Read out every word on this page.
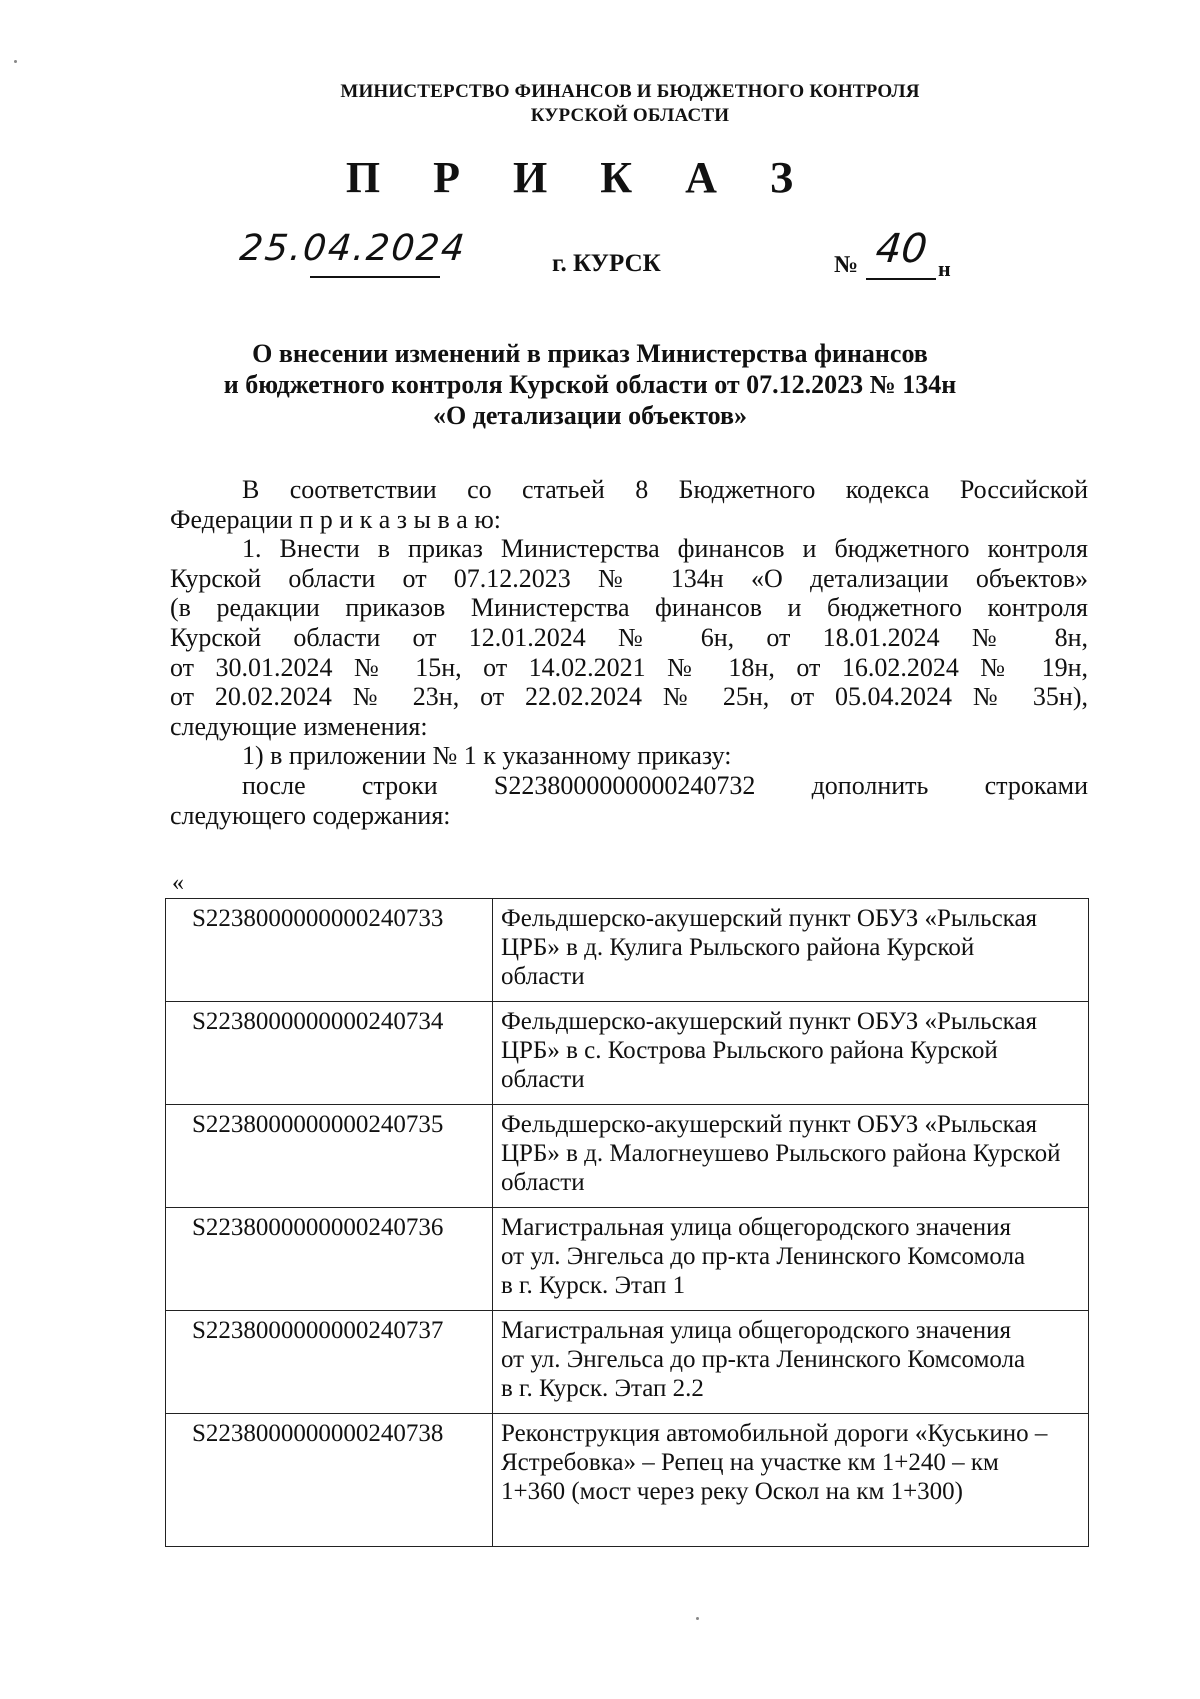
МИНИСТЕРСТВО ФИНАНСОВ И БЮДЖЕТНОГО КОНТРОЛЯ
КУРСКОЙ ОБЛАСТИ
П Р И К А З
25.04.2024	г. КУРСК	№ 40 н
О внесении изменений в приказ Министерства финансов
и бюджетного контроля Курской области от 07.12.2023 № 134н
«О детализации объектов»

В соответствии со статьей 8 Бюджетного кодекса Российской

Федерации п р и к а з ы в а ю:

1. Внести в приказ Министерства финансов и бюджетного контроля

Курской области от 07.12.2023 № 134н «О детализации объектов»

(в редакции приказов Министерства финансов и бюджетного контроля

Курской области от 12.01.2024 № 6н, от 18.01.2024 № 8н,

от 30.01.2024 № 15н, от 14.02.2021 № 18н, от 16.02.2024 № 19н,

от 20.02.2024 № 23н, от 22.02.2024 № 25н, от 05.04.2024 № 35н),

следующие изменения:

1) в приложении № 1 к указанному приказу:

после строки S2238000000000240732 дополнить строками

следующего содержания:

«
S2238000000000240733	Фельдшерско-акушерский пункт ОБУЗ «Рыльская
ЦРБ» в д. Кулига Рыльского района Курской
области

S2238000000000240734	Фельдшерско-акушерский пункт ОБУЗ «Рыльская
ЦРБ» в с. Кострова Рыльского района Курской
области

S2238000000000240735	Фельдшерско-акушерский пункт ОБУЗ «Рыльская
ЦРБ» в д. Малогнеушево Рыльского района Курской
области

S2238000000000240736	Магистральная улица общегородского значения
от ул. Энгельса до пр-кта Ленинского Комсомола
в г. Курск. Этап 1

S2238000000000240737	Магистральная улица общегородского значения
от ул. Энгельса до пр-кта Ленинского Комсомола
в г. Курск. Этап 2.2

S2238000000000240738	Реконструкция автомобильной дороги «Куськино –
Ястребовка» – Репец на участке км 1+240 – км
1+360 (мост через реку Оскол на км 1+300)
